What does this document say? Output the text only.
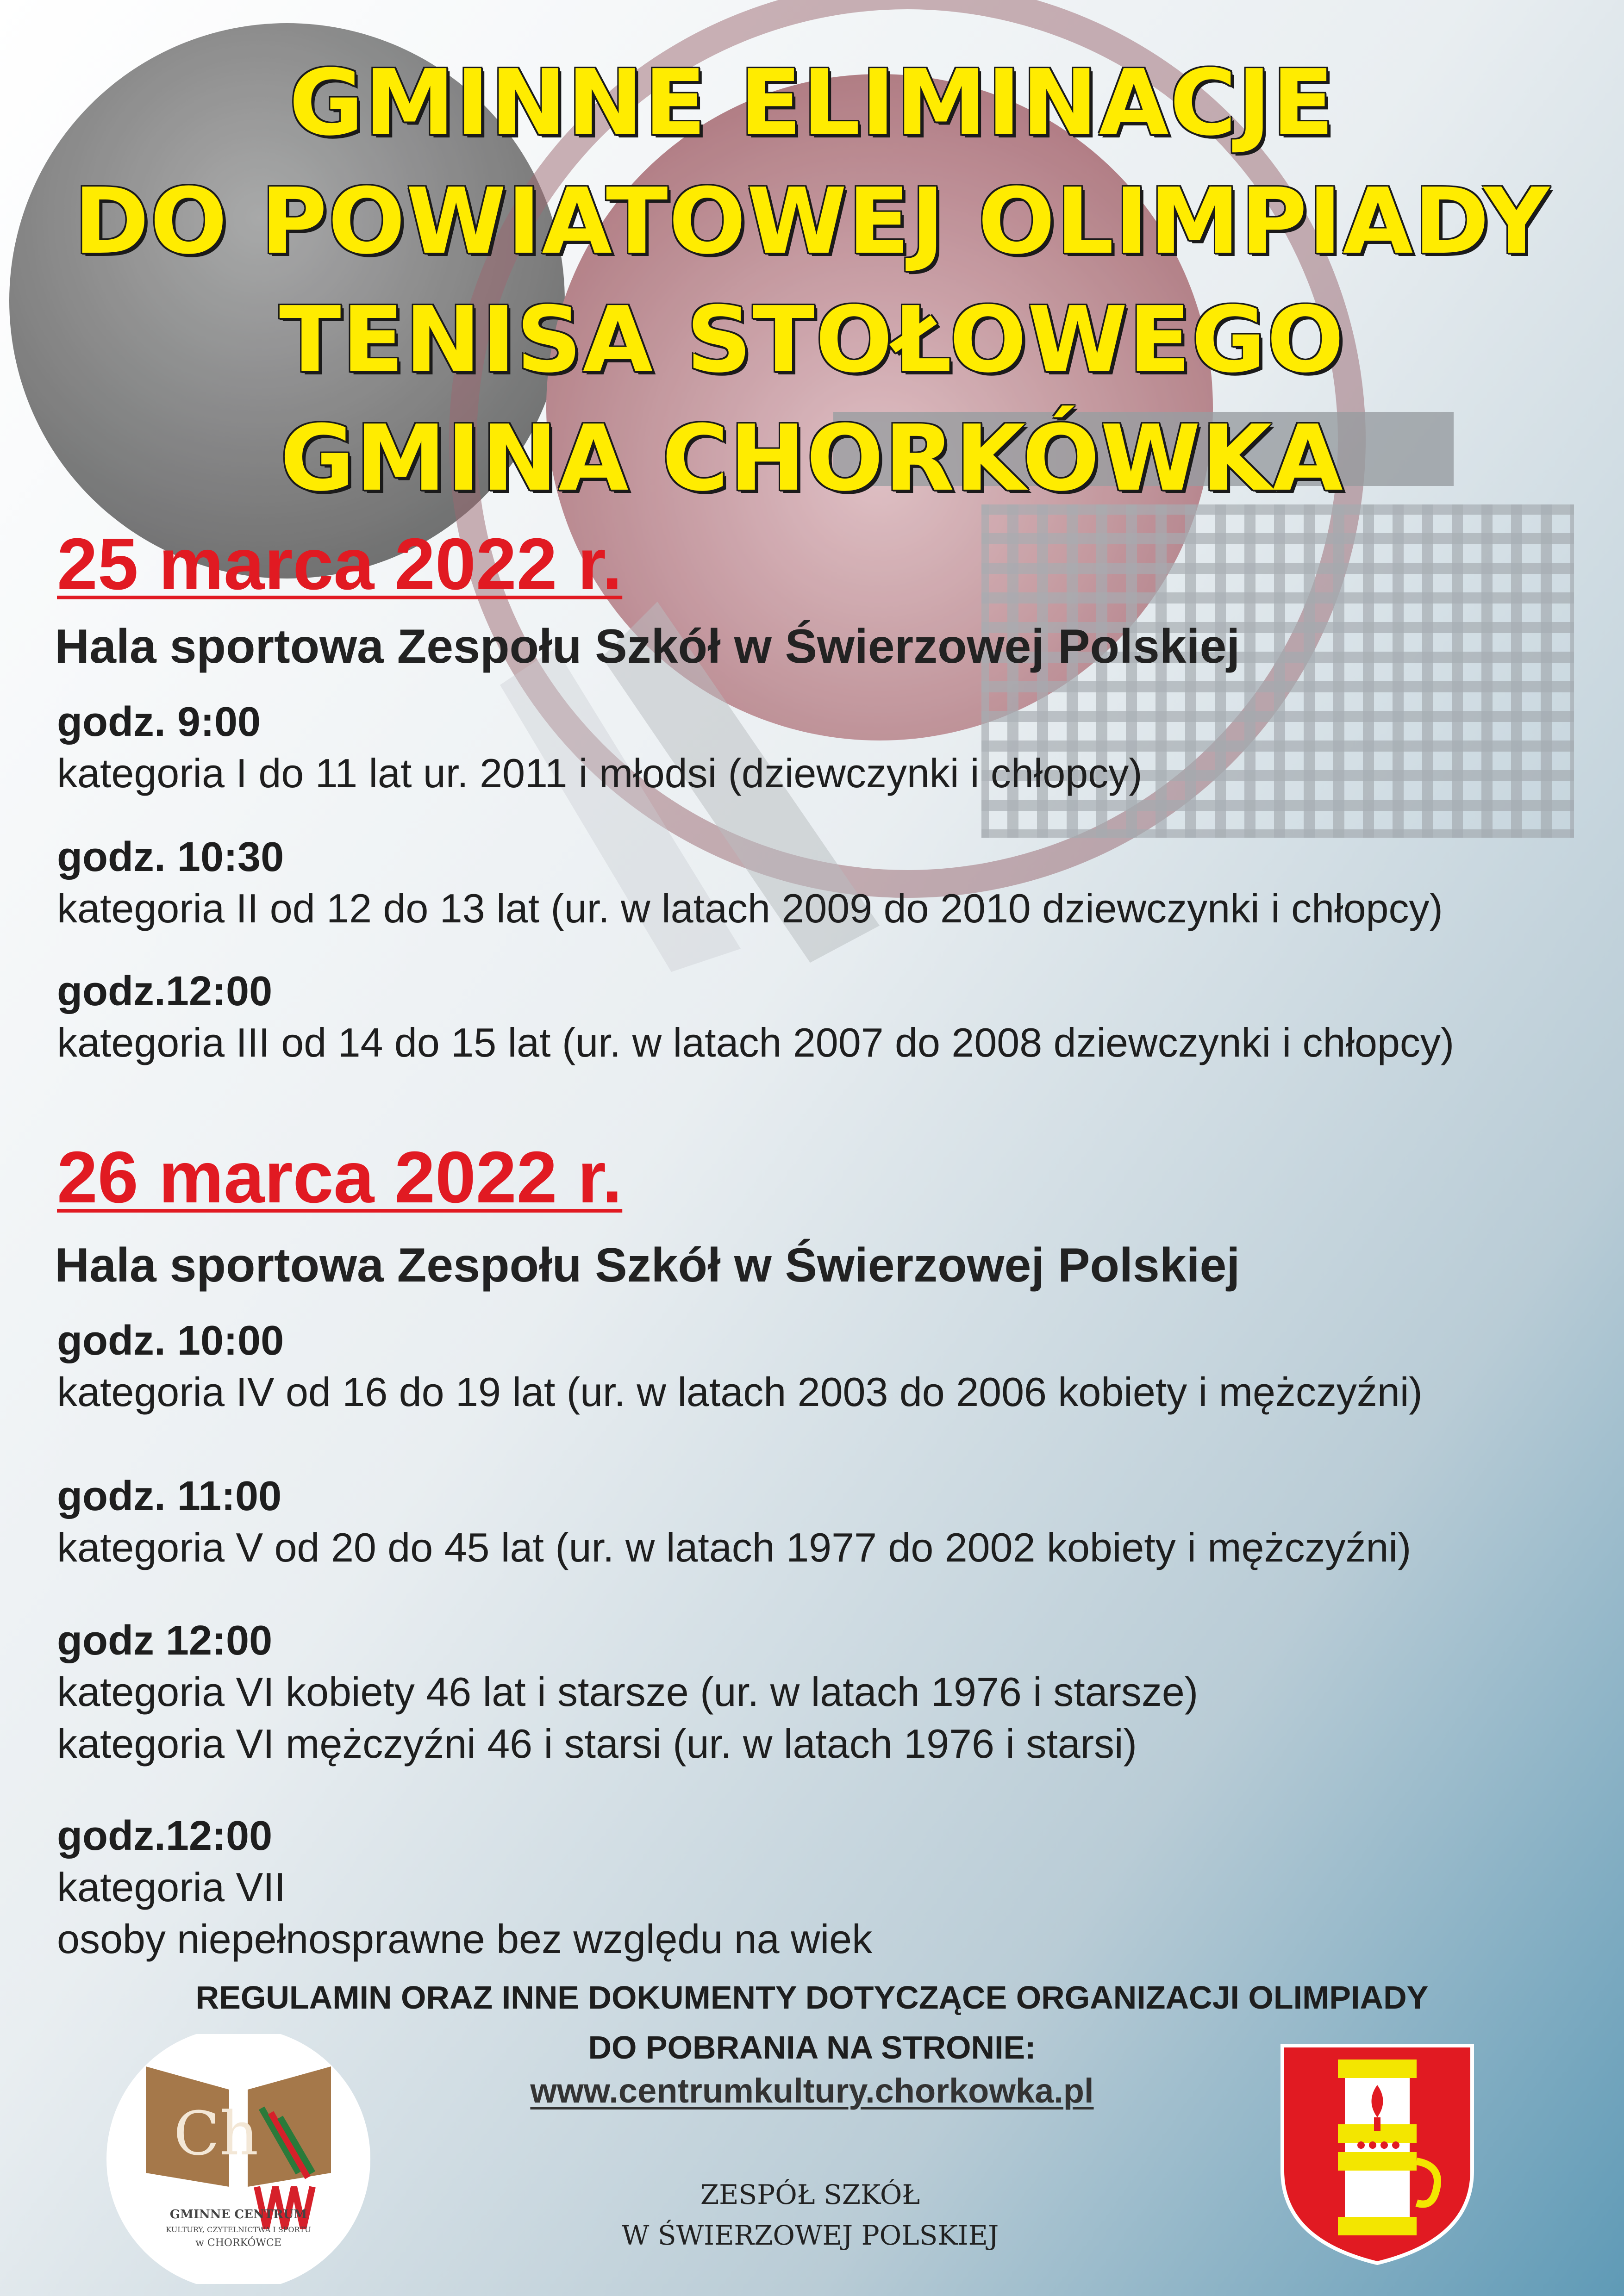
GMINNE ELIMINACJE
DO POWIATOWEJ OLIMPIADY
TENISA STOŁOWEGO
GMINA CHORKÓWKA
25 marca 2022 r.
Hala sportowa Zespołu Szkół w Świerzowej Polskiej
godz. 9:00
kategoria I do 11 lat ur. 2011 i młodsi (dziewczynki i chłopcy)
godz. 10:30
kategoria II od 12 do 13 lat (ur. w latach 2009 do 2010 dziewczynki i chłopcy)
godz.12:00
kategoria III od 14 do 15 lat (ur. w latach 2007 do 2008 dziewczynki i chłopcy)
26 marca 2022 r.
Hala sportowa Zespołu Szkół w Świerzowej Polskiej
godz. 10:00
kategoria IV od 16 do 19 lat (ur. w latach 2003 do 2006 kobiety i mężczyźni)
godz. 11:00
kategoria V od 20 do 45 lat (ur. w latach 1977 do 2002 kobiety i mężczyźni)
godz 12:00
kategoria VI kobiety 46 lat i starsze (ur. w latach 1976 i starsze)
kategoria VI mężczyźni 46 i starsi (ur. w latach 1976 i starsi)
godz.12:00
kategoria VII
osoby niepełnosprawne bez względu na wiek
REGULAMIN ORAZ INNE DOKUMENTY DOTYCZĄCE ORGANIZACJI OLIMPIADY
DO POBRANIA NA STRONIE:
www.centrumkultury.chorkowka.pl
ZESPÓŁ SZKÓŁ
W ŚWIERZOWEJ POLSKIEJ
Ch
GMINNE CENTRUM
KULTURY, CZYTELNICTWA I SPORTU
w CHORKÓWCE
